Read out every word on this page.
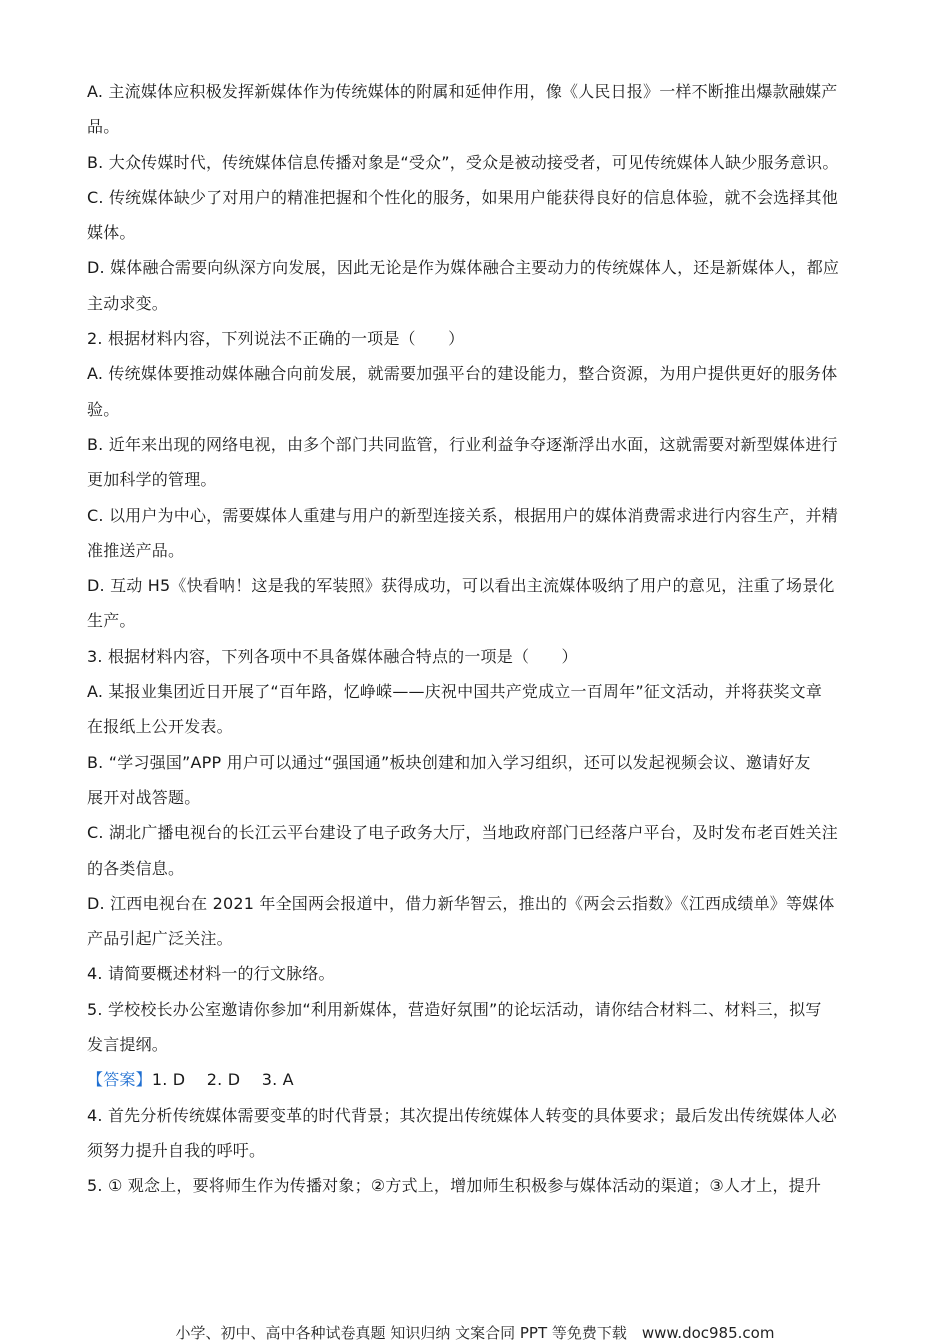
A. 主流媒体应积极发挥新媒体作为传统媒体的附属和延伸作用，像《人民日报》一样不断推出爆款融媒产
品。
B. 大众传媒时代，传统媒体信息传播对象是“受众”，受众是被动接受者，可见传统媒体人缺少服务意识。
C. 传统媒体缺少了对用户的精准把握和个性化的服务，如果用户能获得良好的信息体验，就不会选择其他
媒体。
D. 媒体融合需要向纵深方向发展，因此无论是作为媒体融合主要动力的传统媒体人，还是新媒体人，都应
主动求变。
2. 根据材料内容，下列说法不正确的一项是（　　）
A. 传统媒体要推动媒体融合向前发展，就需要加强平台的建设能力，整合资源，为用户提供更好的服务体
验。
B. 近年来出现的网络电视，由多个部门共同监管，行业利益争夺逐渐浮出水面，这就需要对新型媒体进行
更加科学的管理。
C. 以用户为中心，需要媒体人重建与用户的新型连接关系，根据用户的媒体消费需求进行内容生产，并精
准推送产品。
D. 互动 H5《快看呐！这是我的军装照》获得成功，可以看出主流媒体吸纳了用户的意见，注重了场景化
生产。
3. 根据材料内容，下列各项中不具备媒体融合特点的一项是（　　）
A. 某报业集团近日开展了“百年路，忆峥嵘——庆祝中国共产党成立一百周年”征文活动，并将获奖文章
在报纸上公开发表。
B. “学习强国”APP 用户可以通过“强国通”板块创建和加入学习组织，还可以发起视频会议、邀请好友
展开对战答题。
C. 湖北广播电视台的长江云平台建设了电子政务大厅，当地政府部门已经落户平台，及时发布老百姓关注
的各类信息。
D. 江西电视台在 2021 年全国两会报道中，借力新华智云，推出的《两会云指数》《江西成绩单》等媒体
产品引起广泛关注。
4. 请简要概述材料一的行文脉络。
5. 学校校长办公室邀请你参加“利用新媒体，营造好氛围”的论坛活动，请你结合材料二、材料三，拟写
发言提纲。
【答案】1. D　 2. D　 3. A
4. 首先分析传统媒体需要变革的时代背景；其次提出传统媒体人转变的具体要求；最后发出传统媒体人必
须努力提升自我的呼吁。
5. ① 观念上，要将师生作为传播对象；②方式上，增加师生积极参与媒体活动的渠道；③人才上，提升
小学、初中、高中各种试卷真题 知识归纳 文案合同 PPT 等免费下载　www.doc985.com
